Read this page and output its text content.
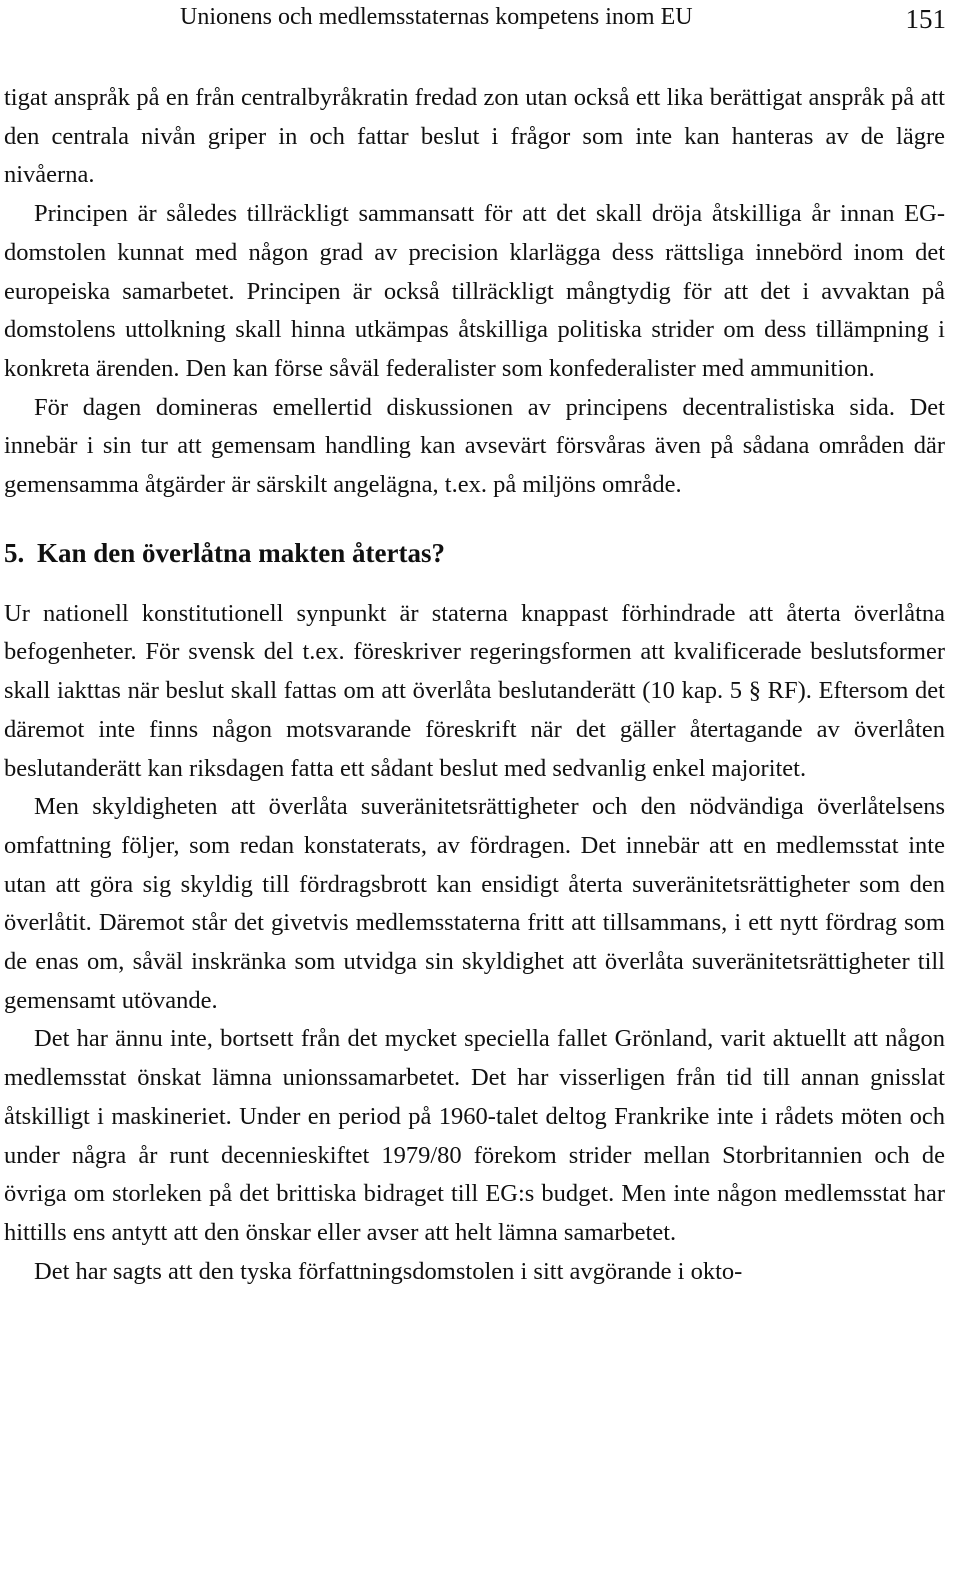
Unionens och medlemsstaternas kompetens inom EU	151

tigat anspråk på en från centralbyråkratin fredad zon utan också ett lika berättigat anspråk på att den centrala nivån griper in och fattar beslut i frågor som inte kan hanteras av de lägre nivåerna.

Principen är således tillräckligt sammansatt för att det skall dröja åtskilliga år innan EG-domstolen kunnat med någon grad av precision klarlägga dess rättsliga innebörd inom det europeiska samarbetet. Principen är också tillräckligt mångtydig för att det i avvaktan på domstolens uttolkning skall hinna utkämpas åtskilliga politiska strider om dess tillämpning i konkreta ärenden. Den kan förse såväl federalister som konfederalister med ammunition.

För dagen domineras emellertid diskussionen av principens decentralistiska sida. Det innebär i sin tur att gemensam handling kan avsevärt försvåras även på sådana områden där gemensamma åtgärder är särskilt angelägna, t.ex. på miljöns område.

5. Kan den överlåtna makten återtas?

Ur nationell konstitutionell synpunkt är staterna knappast förhindrade att återta överlåtna befogenheter. För svensk del t.ex. föreskriver regeringsformen att kvalificerade beslutsformer skall iakttas när beslut skall fattas om att överlåta beslutanderätt (10 kap. 5 § RF). Eftersom det däremot inte finns någon motsvarande föreskrift när det gäller återtagande av överlåten beslutanderätt kan riksdagen fatta ett sådant beslut med sedvanlig enkel majoritet.

Men skyldigheten att överlåta suveränitetsrättigheter och den nödvändiga överlåtelsens omfattning följer, som redan konstaterats, av fördragen. Det innebär att en medlemsstat inte utan att göra sig skyldig till fördragsbrott kan ensidigt återta suveränitetsrättigheter som den överlåtit. Däremot står det givetvis medlemsstaterna fritt att tillsammans, i ett nytt fördrag som de enas om, såväl inskränka som utvidga sin skyldighet att överlåta suveränitetsrättigheter till gemensamt utövande.

Det har ännu inte, bortsett från det mycket speciella fallet Grönland, varit aktuellt att någon medlemsstat önskat lämna unionssamarbetet. Det har visserligen från tid till annan gnisslat åtskilligt i maskineriet. Under en period på 1960-talet deltog Frankrike inte i rådets möten och under några år runt decennieskiftet 1979/80 förekom strider mellan Storbritannien och de övriga om storleken på det brittiska bidraget till EG:s budget. Men inte någon medlemsstat har hittills ens antytt att den önskar eller avser att helt lämna samarbetet.

Det har sagts att den tyska författningsdomstolen i sitt avgörande i okto-
